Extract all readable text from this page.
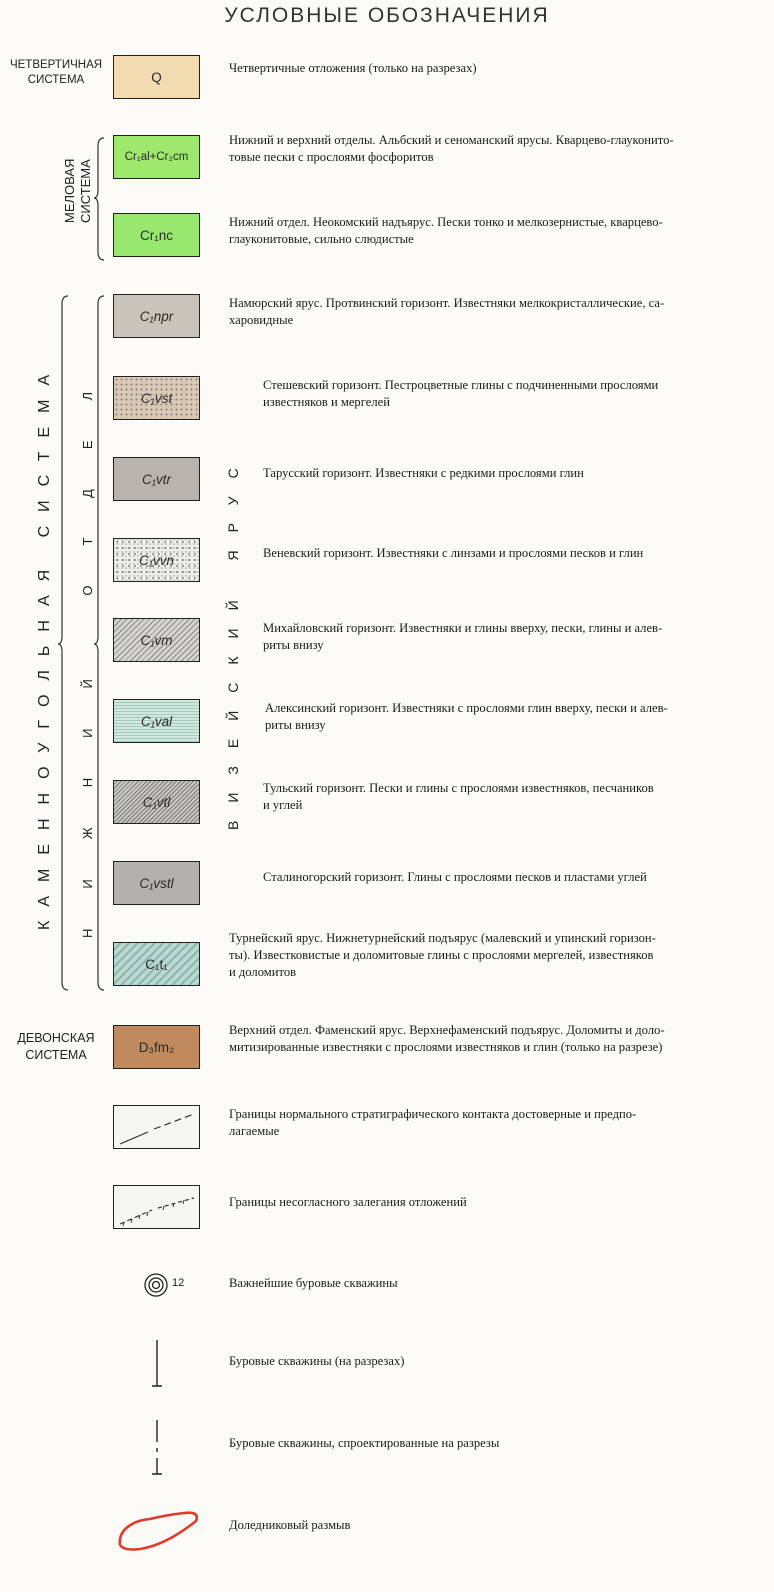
УСЛОВНЫЕ ОБОЗНАЧЕНИЯ
ЧЕТВЕРТИЧНАЯ
СИСТЕМА
МЕЛОВАЯ СИСТЕМА
КАМЕННОУГОЛЬНАЯ СИСТЕМА НИЖНИЙ ОТДЕЛ	ВИЗЕЙСКИЙ ЯРУС
ДЕВОНСКАЯ
СИСТЕМА
Q
Cr₁al+Cr₂cm
Cr₁nc
C₁npr
C₁vst
C₁vtr
C₁vvn
C₁vm
C₁val
C₁vtl
C₁vstl
C₁t₁
D₃fm₂
Четвертичные отложения (только на разрезах)
Нижний и верхний отделы. Альбский и сеноманский ярусы. Кварцево-глауконито-
товые пески с прослоями фосфоритов
Нижний отдел. Неокомский надъярус. Пески тонко и мелкозернистые, кварцево-
глауконитовые, сильно слюдистые
Намюрский ярус. Протвинский горизонт. Известняки мелкокристаллические, са-
харовидные
Стешевский горизонт. Пестроцветные глины с подчиненными прослоями
известняков и мергелей
Тарусский горизонт. Известняки с редкими прослоями глин
Веневский горизонт. Известняки с линзами и прослоями песков и глин
Михайловский горизонт. Известняки и глины вверху, пески, глины и алев-
риты внизу
Алексинский горизонт. Известняки с прослоями глин вверху, пески и алев-
риты внизу
Тульский горизонт. Пески и глины с прослоями известняков, песчаников
и углей
Сталиногорский горизонт. Глины с прослоями песков и пластами углей
Турнейский ярус. Нижнетурнейский подъярус (малевский и упинский горизон-
ты). Известковистые и доломитовые глины с прослоями мергелей, известняков
и доломитов
Верхний отдел. Фаменский ярус. Верхнефаменский подъярус. Доломиты и доло-
митизированные известняки с прослоями известняков и глин (только на разрезе)
Границы нормального стратиграфического контакта достоверные и предпо-
лагаемые
Границы несогласного залегания отложений
12	Важнейшие буровые скважины
Буровые скважины (на разрезах)
Буровые скважины, спроектированные на разрезы
Доледниковый размыв
